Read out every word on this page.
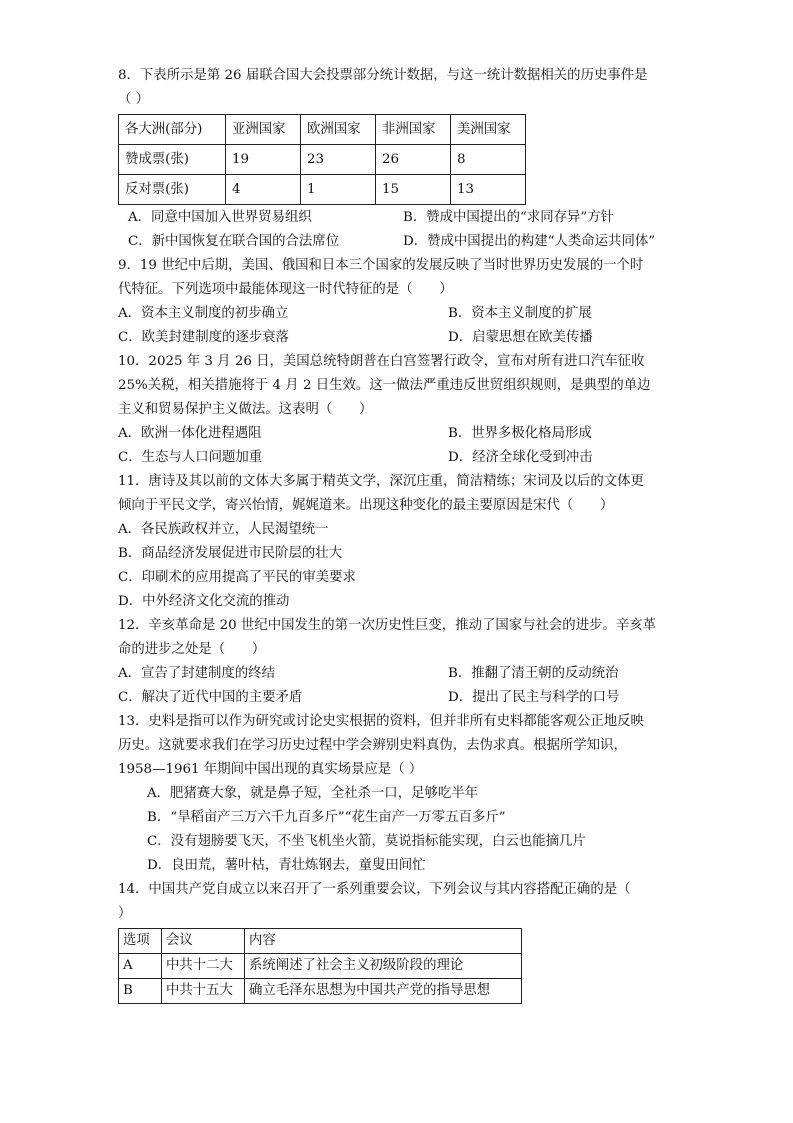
8．下表所示是第 26 届联合国大会投票部分统计数据，与这一统计数据相关的历史事件是
（ ）
各大洲(部分)	亚洲国家	欧洲国家	非洲国家	美洲国家
赞成票(张)	19	23	26	8
反对票(张)	4	1	15	13
A．同意中国加入世界贸易组织	B．赞成中国提出的“求同存异”方针
C．新中国恢复在联合国的合法席位	D．赞成中国提出的构建“人类命运共同体”
9．19 世纪中后期，美国、俄国和日本三个国家的发展反映了当时世界历史发展的一个时
代特征。下列选项中最能体现这一时代特征的是（　　）
A．资本主义制度的初步确立	B．资本主义制度的扩展
C．欧美封建制度的逐步衰落	D．启蒙思想在欧美传播
10．2025 年 3 月 26 日，美国总统特朗普在白宫签署行政令，宣布对所有进口汽车征收
25%关税，相关措施将于 4 月 2 日生效。这一做法严重违反世贸组织规则，是典型的单边
主义和贸易保护主义做法。这表明（　　）
A．欧洲一体化进程遇阻	B．世界多极化格局形成
C．生态与人口问题加重	D．经济全球化受到冲击
11．唐诗及其以前的文体大多属于精英文学，深沉庄重，简洁精练；宋词及以后的文体更
倾向于平民文学，寄兴怡情，娓娓道来。出现这种变化的最主要原因是宋代（　　）
A．各民族政权并立，人民渴望统一
B．商品经济发展促进市民阶层的壮大
C．印刷术的应用提高了平民的审美要求
D．中外经济文化交流的推动
12．辛亥革命是 20 世纪中国发生的第一次历史性巨变，推动了国家与社会的进步。辛亥革
命的进步之处是（　　）
A．宣告了封建制度的终结	B．推翻了清王朝的反动统治
C．解决了近代中国的主要矛盾	D．提出了民主与科学的口号
13．史料是指可以作为研究或讨论史实根据的资料，但并非所有史料都能客观公正地反映
历史。这就要求我们在学习历史过程中学会辨别史料真伪，去伪求真。根据所学知识，
1958—1961 年期间中国出现的真实场景应是（ ）
A．肥猪赛大象，就是鼻子短，全社杀一口，足够吃半年
B．“旱稻亩产三万六千九百多斤”“花生亩产一万零五百多斤”
C．没有翅膀要飞天，不坐飞机坐火箭，莫说指标能实现，白云也能摘几片
D．良田荒，薯叶枯，青壮炼钢去，童叟田间忙
14．中国共产党自成立以来召开了一系列重要会议，下列会议与其内容搭配正确的是（
）
选项	会议	内容
A	中共十二大	系统阐述了社会主义初级阶段的理论
B	中共十五大	确立毛泽东思想为中国共产党的指导思想
